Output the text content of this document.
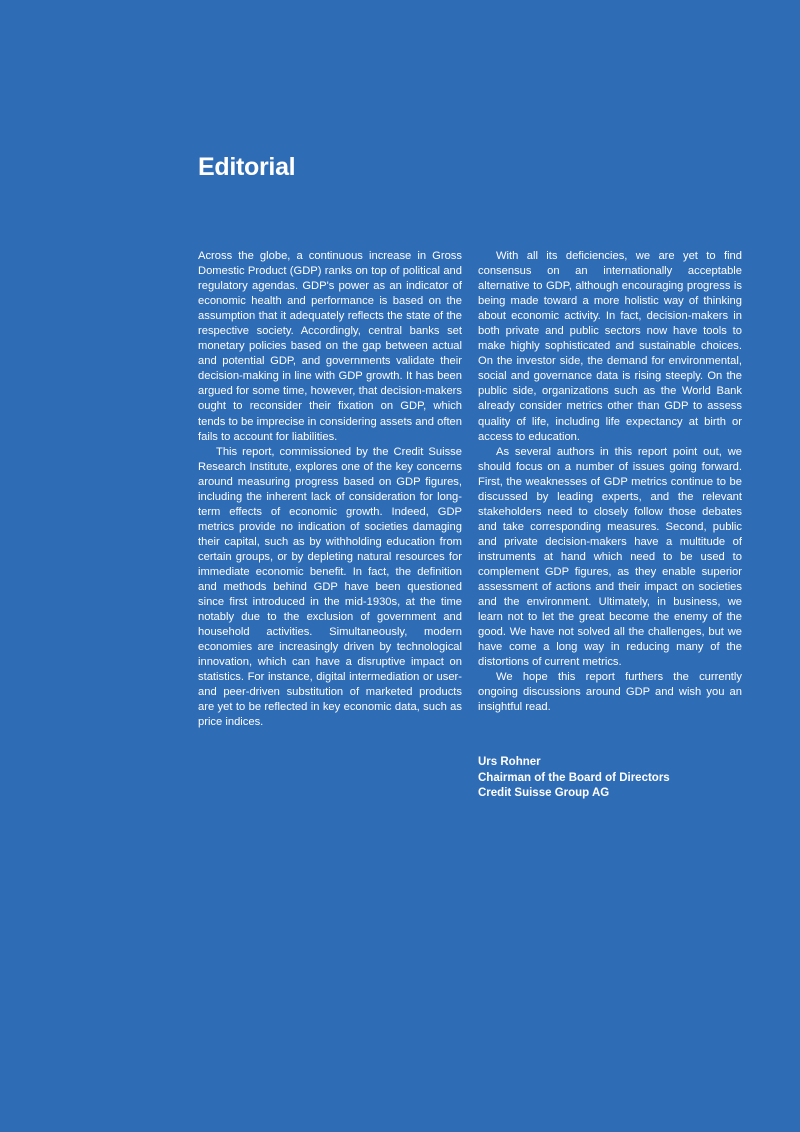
Editorial

Across the globe, a continuous increase in Gross Domestic Product (GDP) ranks on top of political and regulatory agendas. GDP's power as an indicator of economic health and performance is based on the assumption that it adequately reflects the state of the respective society. Accordingly, central banks set monetary policies based on the gap between actual and potential GDP, and governments validate their decision-making in line with GDP growth. It has been argued for some time, however, that decision-makers ought to reconsider their fixation on GDP, which tends to be imprecise in considering assets and often fails to account for liabilities.

This report, commissioned by the Credit Suisse Research Institute, explores one of the key concerns around measuring progress based on GDP figures, including the inherent lack of consideration for long-term effects of economic growth. Indeed, GDP metrics provide no indication of societies damaging their capital, such as by withholding education from certain groups, or by depleting natural resources for immediate economic benefit. In fact, the definition and methods behind GDP have been questioned since first introduced in the mid-1930s, at the time notably due to the exclusion of government and household activities. Simultaneously, modern economies are increasingly driven by technological innovation, which can have a disruptive impact on statistics. For instance, digital intermediation or user- and peer-driven substitution of marketed products are yet to be reflected in key economic data, such as price indices.

With all its deficiencies, we are yet to find consensus on an internationally acceptable alternative to GDP, although encouraging progress is being made toward a more holistic way of thinking about economic activity. In fact, decision-makers in both private and public sectors now have tools to make highly sophisticated and sustainable choices. On the investor side, the demand for environmental, social and governance data is rising steeply. On the public side, organizations such as the World Bank already consider metrics other than GDP to assess quality of life, including life expectancy at birth or access to education.

As several authors in this report point out, we should focus on a number of issues going forward. First, the weaknesses of GDP metrics continue to be discussed by leading experts, and the relevant stakeholders need to closely follow those debates and take corresponding measures. Second, public and private decision-makers have a multitude of instruments at hand which need to be used to complement GDP figures, as they enable superior assessment of actions and their impact on societies and the environment. Ultimately, in business, we learn not to let the great become the enemy of the good. We have not solved all the challenges, but we have come a long way in reducing many of the distortions of current metrics.

We hope this report furthers the currently ongoing discussions around GDP and wish you an insightful read.

Urs Rohner
Chairman of the Board of Directors
Credit Suisse Group AG
